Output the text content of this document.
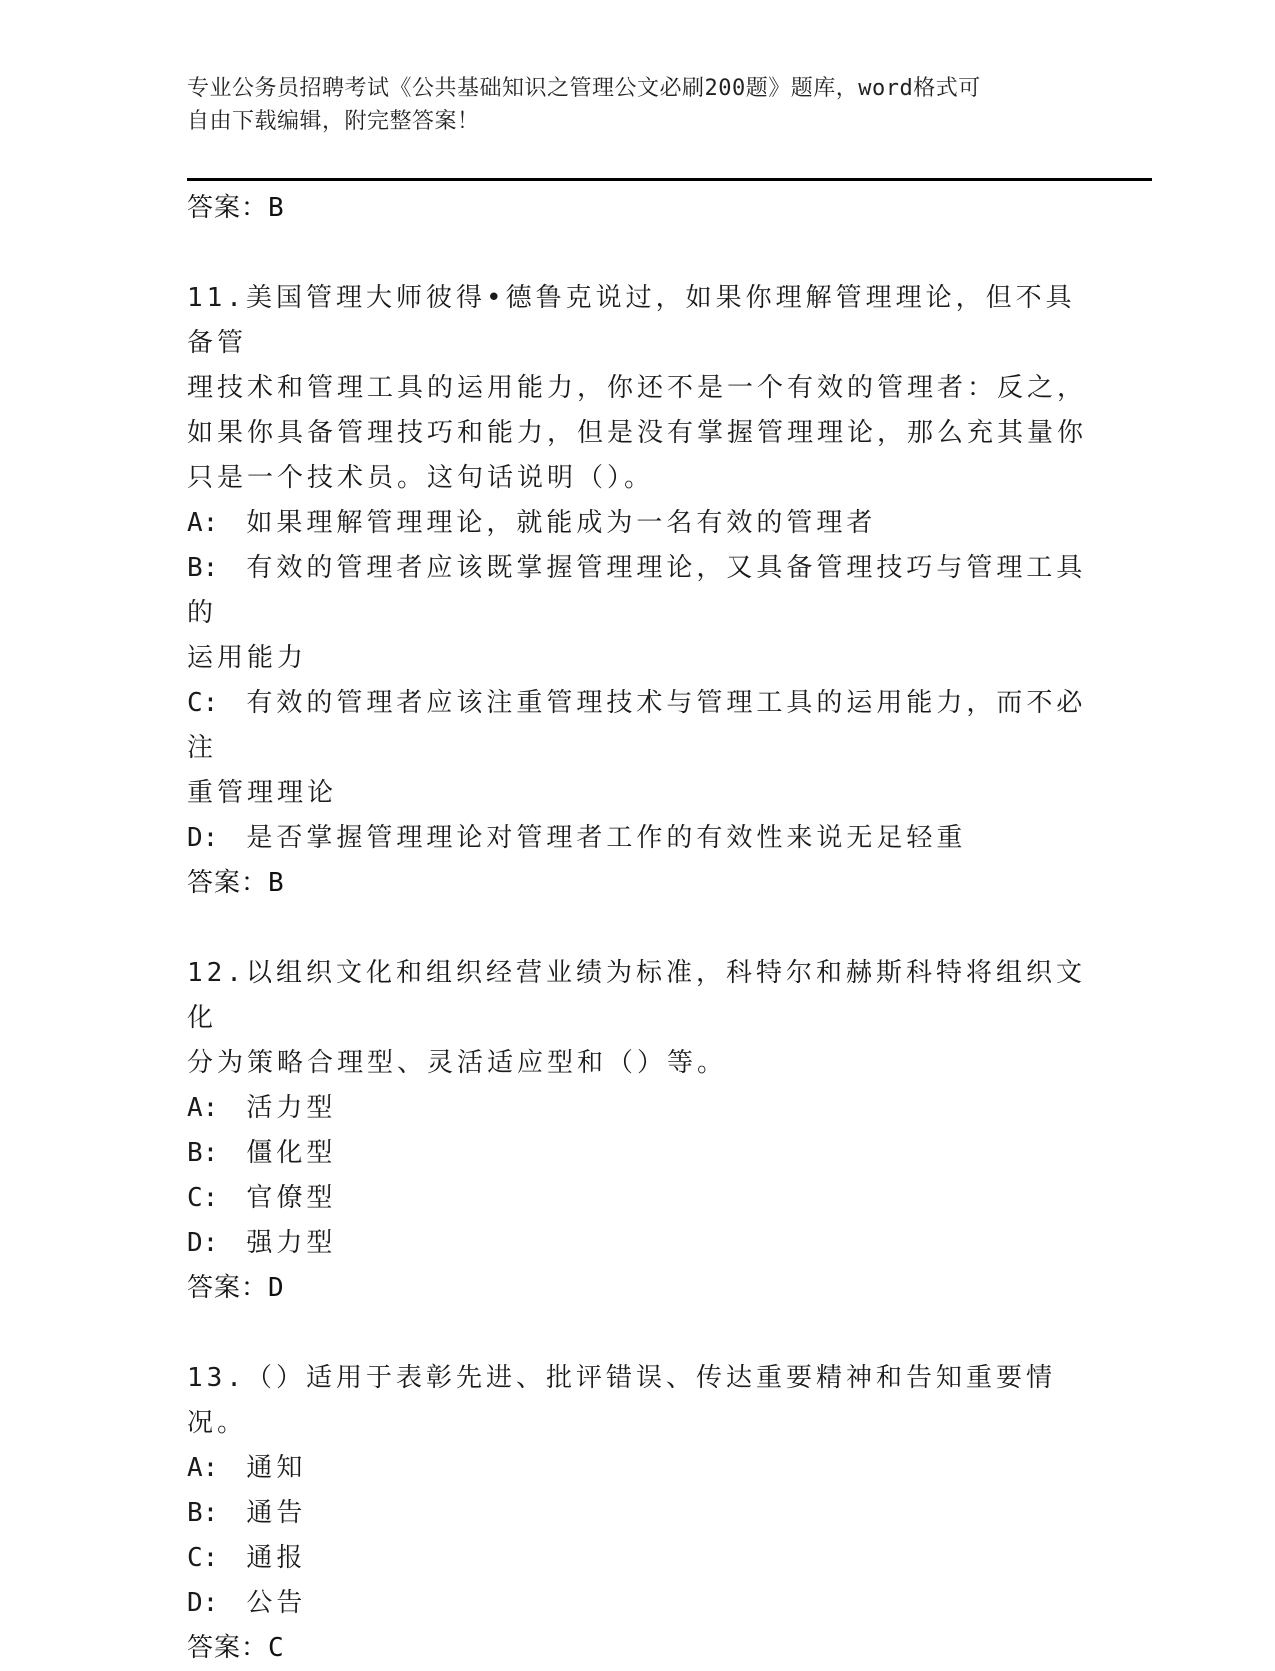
专业公务员招聘考试《公共基础知识之管理公文必刷200题》题库，word格式可
自由下载编辑，附完整答案！
答案：B
11.美国管理大师彼得•德鲁克说过，如果你理解管理理论，但不具备管
理技术和管理工具的运用能力，你还不是一个有效的管理者：反之，
如果你具备管理技巧和能力，但是没有掌握管理理论，那么充其量你
只是一个技术员。这句话说明（）。
A: 如果理解管理理论，就能成为一名有效的管理者
B: 有效的管理者应该既掌握管理理论，又具备管理技巧与管理工具的
运用能力
C: 有效的管理者应该注重管理技术与管理工具的运用能力，而不必注
重管理理论
D: 是否掌握管理理论对管理者工作的有效性来说无足轻重
答案：B
12.以组织文化和组织经营业绩为标准，科特尔和赫斯科特将组织文化
分为策略合理型、灵活适应型和（）等。
A: 活力型
B: 僵化型
C: 官僚型
D: 强力型
答案：D
13.（）适用于表彰先进、批评错误、传达重要精神和告知重要情况。
A: 通知
B: 通告
C: 通报
D: 公告
答案：C
